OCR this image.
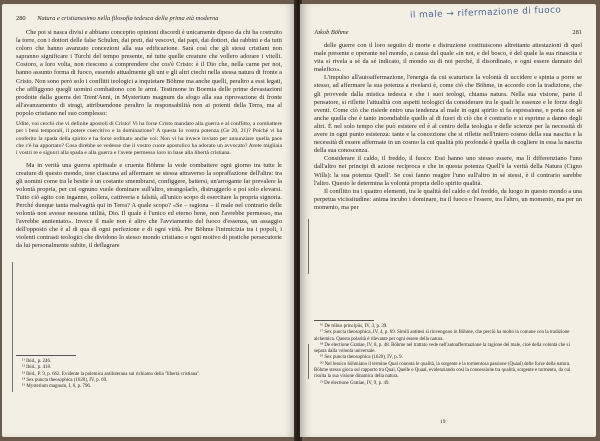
280 Natura e cristianesimo nella filosofia tedesca della prima età moderna

Che poi si nasca divisi e abbiano concepito opinioni discordi è unicamente dipeso da chi ha costruito la torre, con i dottori delle false Schulen, dai preti, dai vescovi, dai papi, dai dottori, dai rabbini e da tutti coloro che hanno avanzato concezioni alla sua edificazione. Sarà così che gli stessi cristiani non sapranno significare i Turchi del tempo presente, né tutte quelle creature che vollero adorare i vitelli. Costoro, a loro volta, non riescono a comprendere che cos'è Cristo: è il Dio che, nella carne per noi, hanno assunto forma di fuoco, essendo attualmente gli uni e gli altri ciechi nella stessa natura di fronte a Cristo. Non sono però solo i conflitti teologici a inquietare Böhme ma anche quelli, peraltro a essi legati, che affliggono quegli uomini combattono con le armi. Testimone in Boemia delle prime devastazioni prodotte dalla guerra dei Trent'Anni, in Mysterium magnum da sfogo alla sua riprovazione di fronte all'avanzamento di stragi, attribuendone peraltro la responsabilità non ai potenti della Terra, ma al popolo cristiano nel suo complesso:

Udite, voi cerchi che vi definite apostoli di Cristo! Vi ha forse Cristo mandato alla guerra e al conflitto, a combattere per i beni temporali, il potere coercitivo e la dominazione? A questa Io vostra potenza (Ge 20, 21)? Poiché vi ha conferito la spada della spirito e ha forse ordinato anche voi: Non vi ha invece inviato per annunziare quella pace che c'è ha apportato? Cosa direbbe se vedesse che il vostro cuore apostolico ha adorato un avvocato? Avete migliaia i vostri re e signori alla spada e alla guerra e l'avete permesso loro in base alla libertà cristiana.

Ma in verità una guerra spirituale e cruenta Böhme la vede combattere ogni giorno tra tutte le creature di questo mondo, tese ciascuna ad affermare se stessa attraverso la sopraffazione dell'altra: tra gli uomini come tra le bestie è un costante smembrarsi, configgere, battersi, un'arrogante far prevalere la volontà propria, per cui ognuno vuole dominare sull'altro, strangolarlo, distruggerlo e poi solo elevarsi. Tutto ciò agito con inganno, collera, cattiveria e falsità, all'unico scopo di esercitare la propria signoria. Perché dunque tanta malvagità qui in Terra? A quale scopo? «Se – ragiona – il male nel contrario delle volontà non avesse nessuna utilità, Dio. Il quale è l'unico ed eterno bene, non l'avrebbe permesso, ma l'avrebbe annientato». Invece il male non è altro che l'avviamento del fuoco d'essenza, un assaggio dell'opposto che è al di qua di ogni perfezione e di ogni virtù. Per Böhme l'inimicizia tra i popoli, i violenti contrasti teologici che dividono lo stesso mondo cristiano e ogni motivo di pratiche persecutorie da lui personalmente subite, il deflagrare

¹¹ Ibid., p. 246.
¹² Ibid., p. 418.
¹³ Ibid., P. 9, p. 662. Evidente la polemica antiluterana sul richiamo della "libertà cristiana".
¹⁴ Sex puncta theosophica (1620), IV, p. 69.
¹⁵ Mysterium magnum, I, 6, p. 796.
il male → rifermazione di fuoco
Jakob Böhme	281

delle guerre con il loro seguito di morte e distruzione costituiscono altrettante attestazioni di quel male presente e operante nel mondo, a causa del quale «in noi, e del bosco, è del quale la sua rinascita e vita si rivela a sé da sé indicato, il mondo su di noi perché, il disordinato, e ogni essere dannato del malefico».

L'impulso all'autoaffermazione, l'energia da cui scaturisce la volontà di uccidere e spinta a porre se stesso, ad affermare la sua potenza a rivelarsi è, come ciò che Böhme, in accordo con la tradizione, che gli provvede dalla mistica tedesca e che i suoi teologi, chiama natura. Nella sua visione, parte il pensatore, si riflette l'attualità con aspetti teologici da considerare tra le quali le essenze e le forze degli eventi. Come ciò che risiede entro una tendenza al male in ogni spirito si fa espressione, e porta con sé anche quella che è tanto incendiabile quello al di fuori di ciò che è contrario e si esprime a danno degli altri. È nel solo tempo che può esistere ed è al centro della teologia e delle scienze per la necessità di avere in ogni punto esistenza: tante e la concezione che si riflette nell'intero cosmo della sua nascita e la necessità di essere affermate in un cosmo la cui qualità più profonda è quella di cogliere in essa la nascita della sua conoscenza.

Considerare il caldo, il freddo, il fuoco: Essi hanno uno stesso essere, ma lì differenziano l'uno dall'altro nei principi di azione reciproca e che in questa potenza Quell'è la verità della Natura (Cigno Wills): la sua potenza Quell'. Se così fanno reagire l'uno sull'altro in sé stessi, è il contrario sarebbe l'altro. Questo le determina la volontà propria dello spirito qualità.

Il conflitto tra i quattro elementi, tra le qualità del caldo e del freddo, da luogo in questo mondo a una perpetua vicissitudine: anima incubo i dominare, tra il fuoco e l'essere, tra l'altro, un momento, ma per un momento, ma per

¹⁶ De tribus principiis, IV, 3, p. 39.
¹⁷ Sex puncta theosophica, IV, 4, p. 69. Simili antitesi si rinvengono in Böhme, che perciò ha molto in comune con la tradizione alchemica. Questa polarità è rilevante per ogni essere della natura.
¹⁸ De electione Gratiae, IV, 8, p. 48. Böhme nel trattato vede nell'autoaffermazione la ragione del male, cioè della volontà che si separa dalla volontà universale.
¹⁹ Sex puncta theosophica (1620), IV, p. 9.
²⁰ Nel lessico böhmiano il termine Qual connota le qualità, la sorgente e la tormentosa passione (Quaal) delle forze della natura. Böhme stesso gioca sul rapporto tra Qual, Quelle e Quaal, evidenziando così la connessione tra qualità, sorgente e tormento, da cui risulta la sua visione dinamica della natura.
²¹ De electione Gratiae, IV, 9, p. 49.
19
